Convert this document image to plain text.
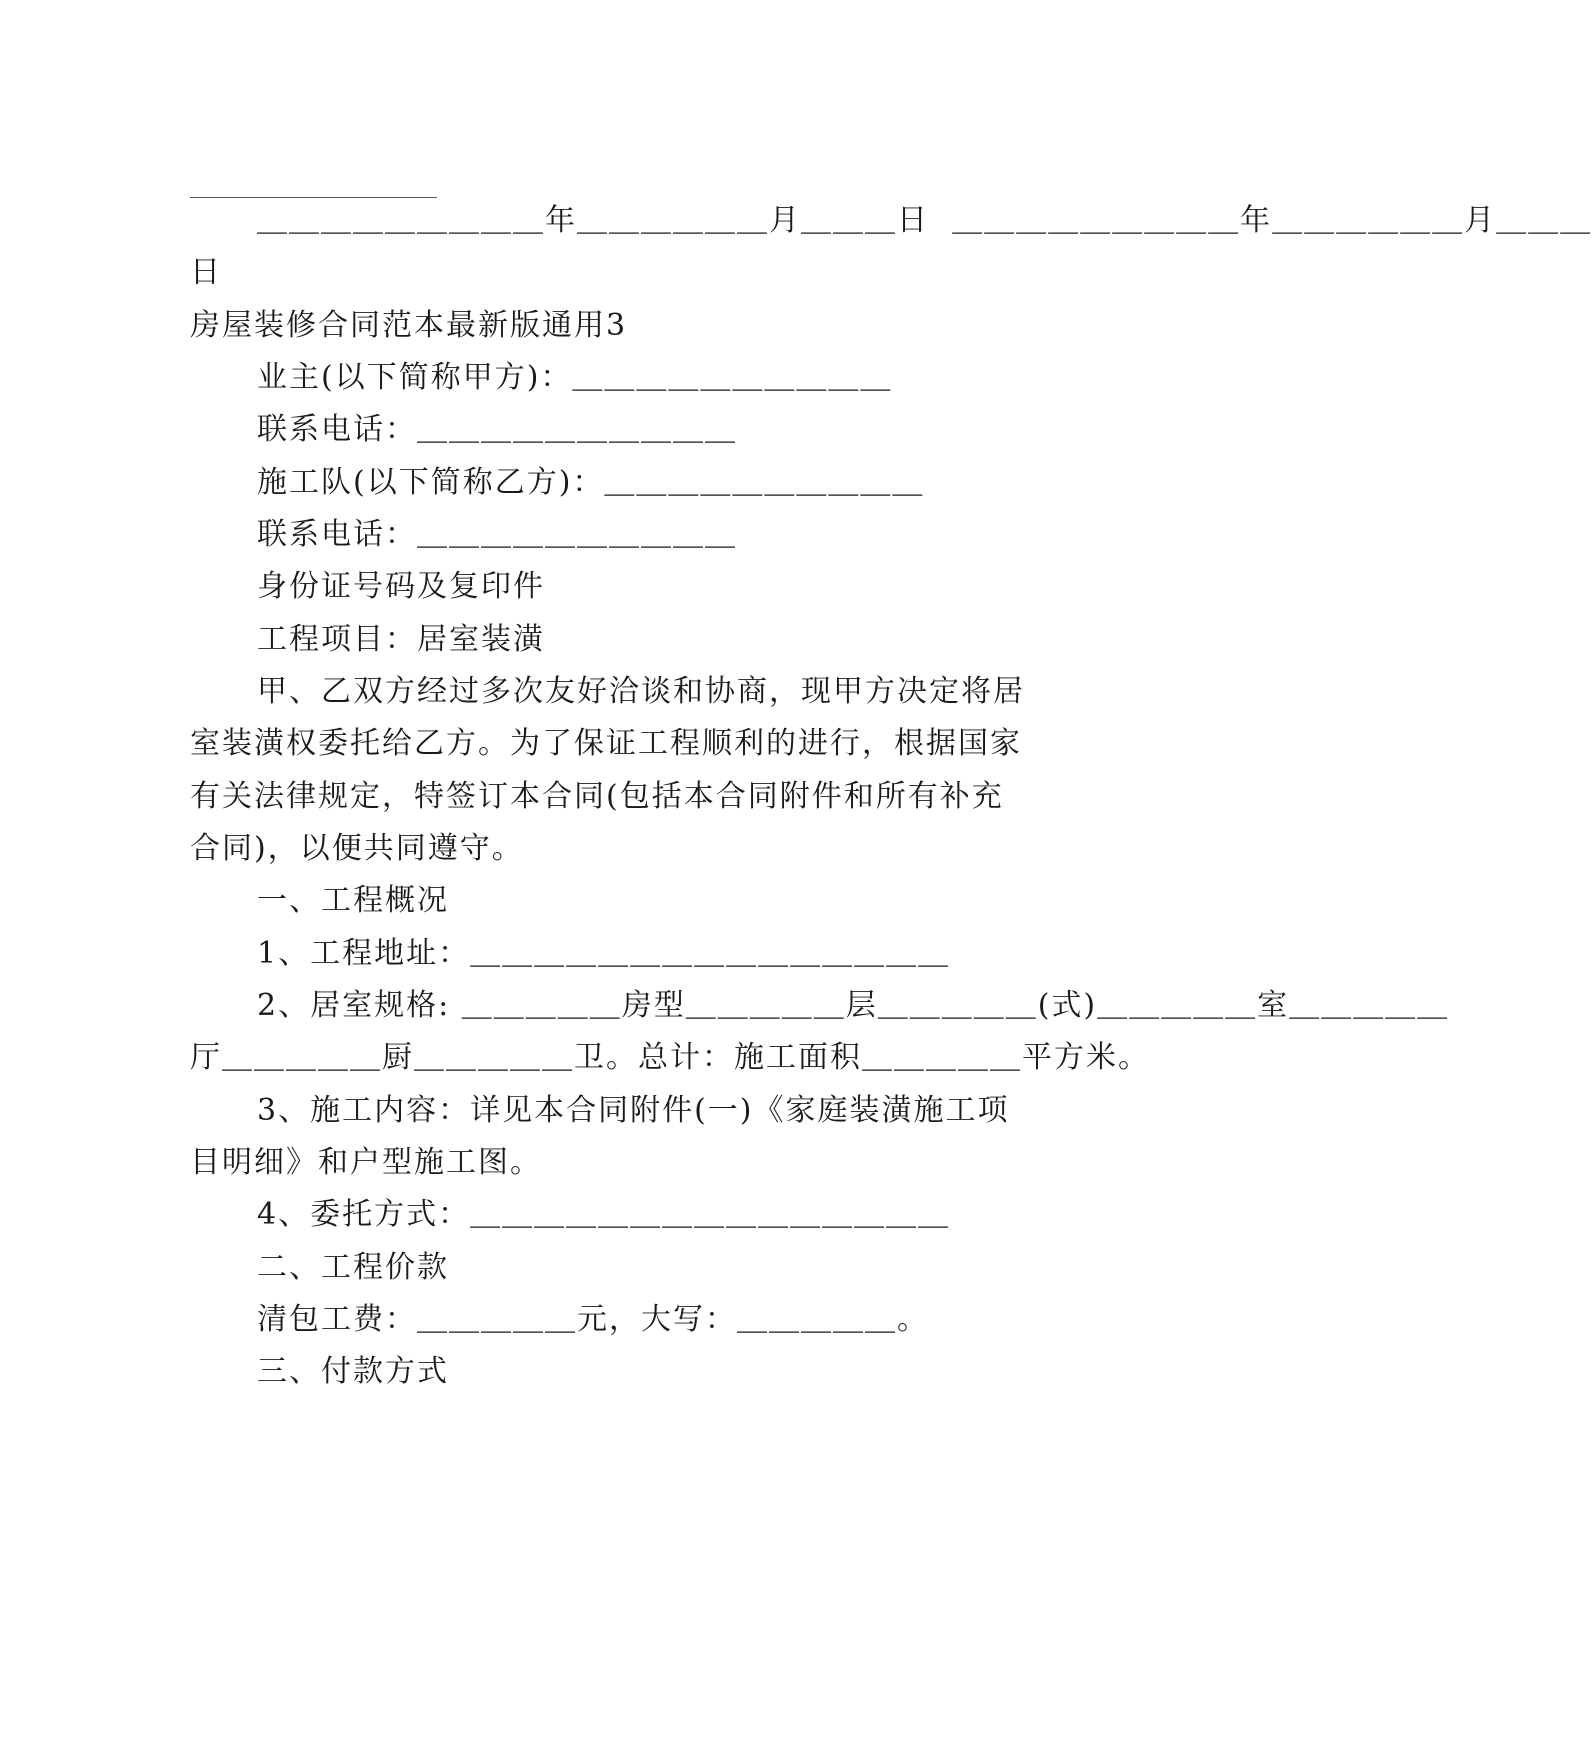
＿＿＿＿＿＿＿＿＿年＿＿＿＿＿＿月＿＿＿日  ＿＿＿＿＿＿＿＿＿年＿＿＿＿＿＿月＿＿＿
日
房屋装修合同范本最新版通用3
业主(以下简称甲方)：＿＿＿＿＿＿＿＿＿＿
联系电话：＿＿＿＿＿＿＿＿＿＿
施工队(以下简称乙方)：＿＿＿＿＿＿＿＿＿＿
联系电话：＿＿＿＿＿＿＿＿＿＿
身份证号码及复印件
工程项目：居室装潢
甲、乙双方经过多次友好洽谈和协商，现甲方决定将居
室装潢权委托给乙方。为了保证工程顺利的进行，根据国家
有关法律规定，特签订本合同(包括本合同附件和所有补充
合同)，以便共同遵守。
一、工程概况
1、工程地址：＿＿＿＿＿＿＿＿＿＿＿＿＿＿＿
2、居室规格: ＿＿＿＿＿房型＿＿＿＿＿层＿＿＿＿＿(式)＿＿＿＿＿室＿＿＿＿＿
厅＿＿＿＿＿厨＿＿＿＿＿卫。总计：施工面积＿＿＿＿＿平方米。
3、施工内容：详见本合同附件(一)《家庭装潢施工项
目明细》和户型施工图。
4、委托方式：＿＿＿＿＿＿＿＿＿＿＿＿＿＿＿
二、工程价款
清包工费：＿＿＿＿＿元，大写：＿＿＿＿＿。
三、付款方式
